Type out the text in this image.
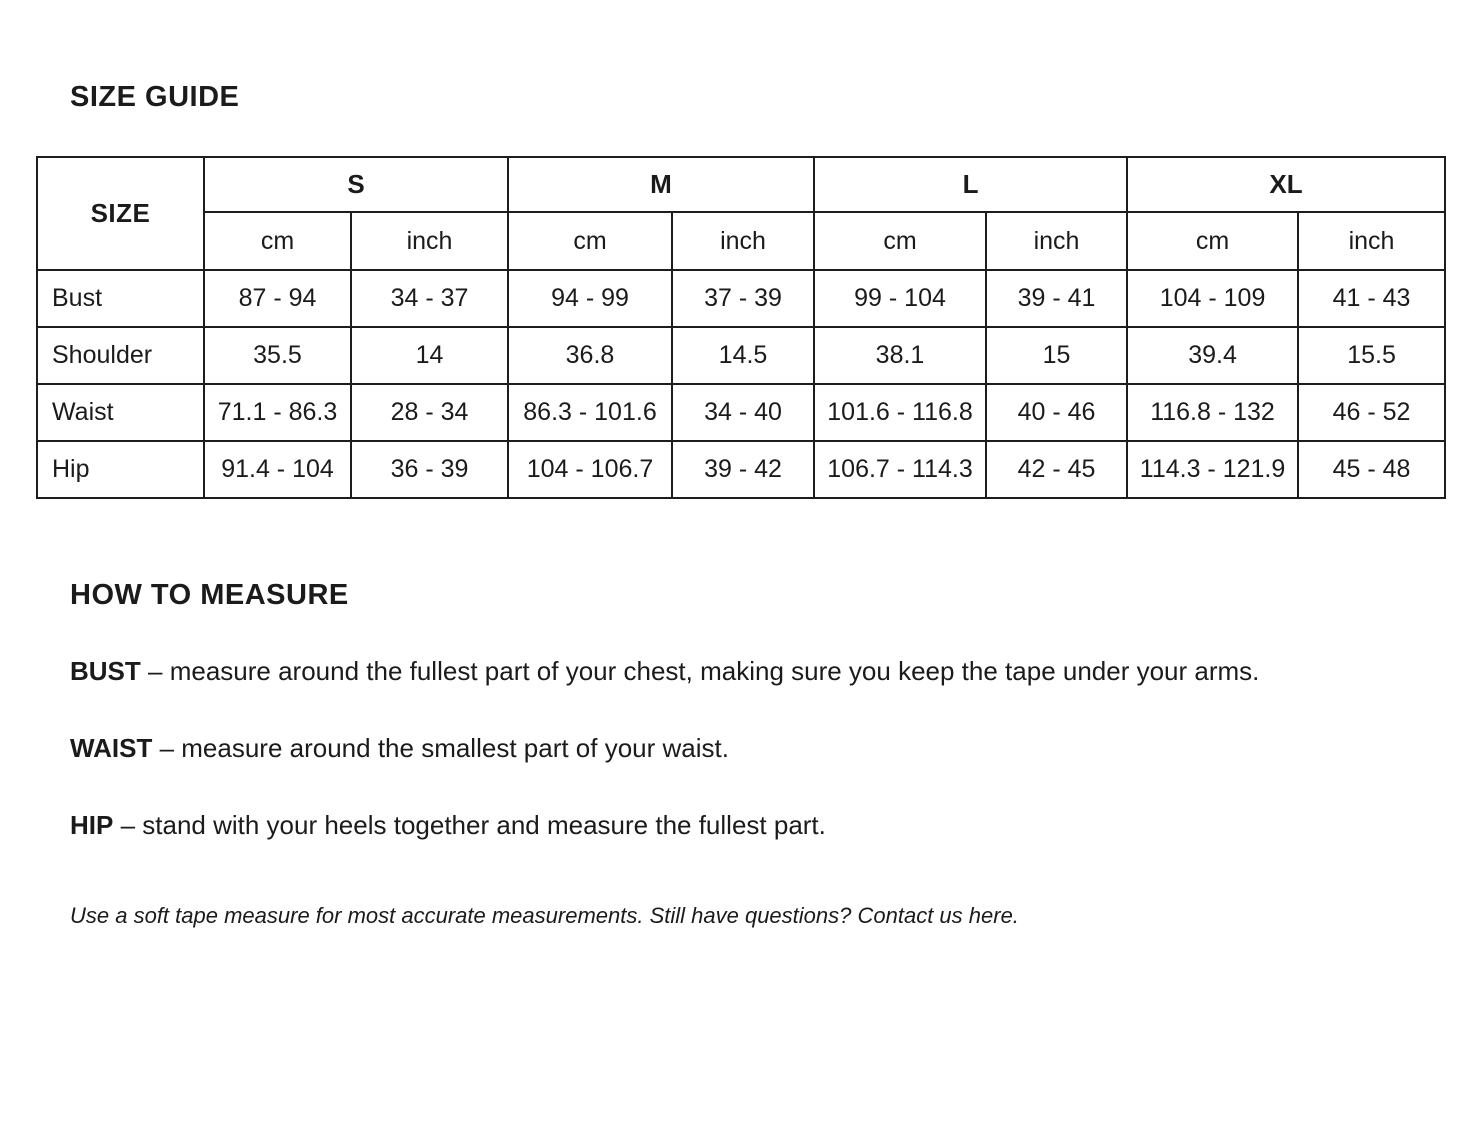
SIZE GUIDE
SIZE	S		M		L		XL	
	cm	inch	cm	inch	cm	inch	cm	inch
Bust	87 - 94	34 - 37	94 - 99	37 - 39	99 - 104	39 - 41	104 - 109	41 - 43
Shoulder	35.5	14	36.8	14.5	38.1	15	39.4	15.5
Waist	71.1 - 86.3	28 - 34	86.3 - 101.6	34 - 40	101.6 - 116.8	40 - 46	116.8 - 132	46 - 52
Hip	91.4 - 104	36 - 39	104 - 106.7	39 - 42	106.7 - 114.3	42 - 45	114.3 - 121.9	45 - 48
HOW TO MEASURE

BUST – measure around the fullest part of your chest, making sure you keep the tape under your arms.

WAIST – measure around the smallest part of your waist.

HIP – stand with your heels together and measure the fullest part.

Use a soft tape measure for most accurate measurements. Still have questions? Contact us here.
